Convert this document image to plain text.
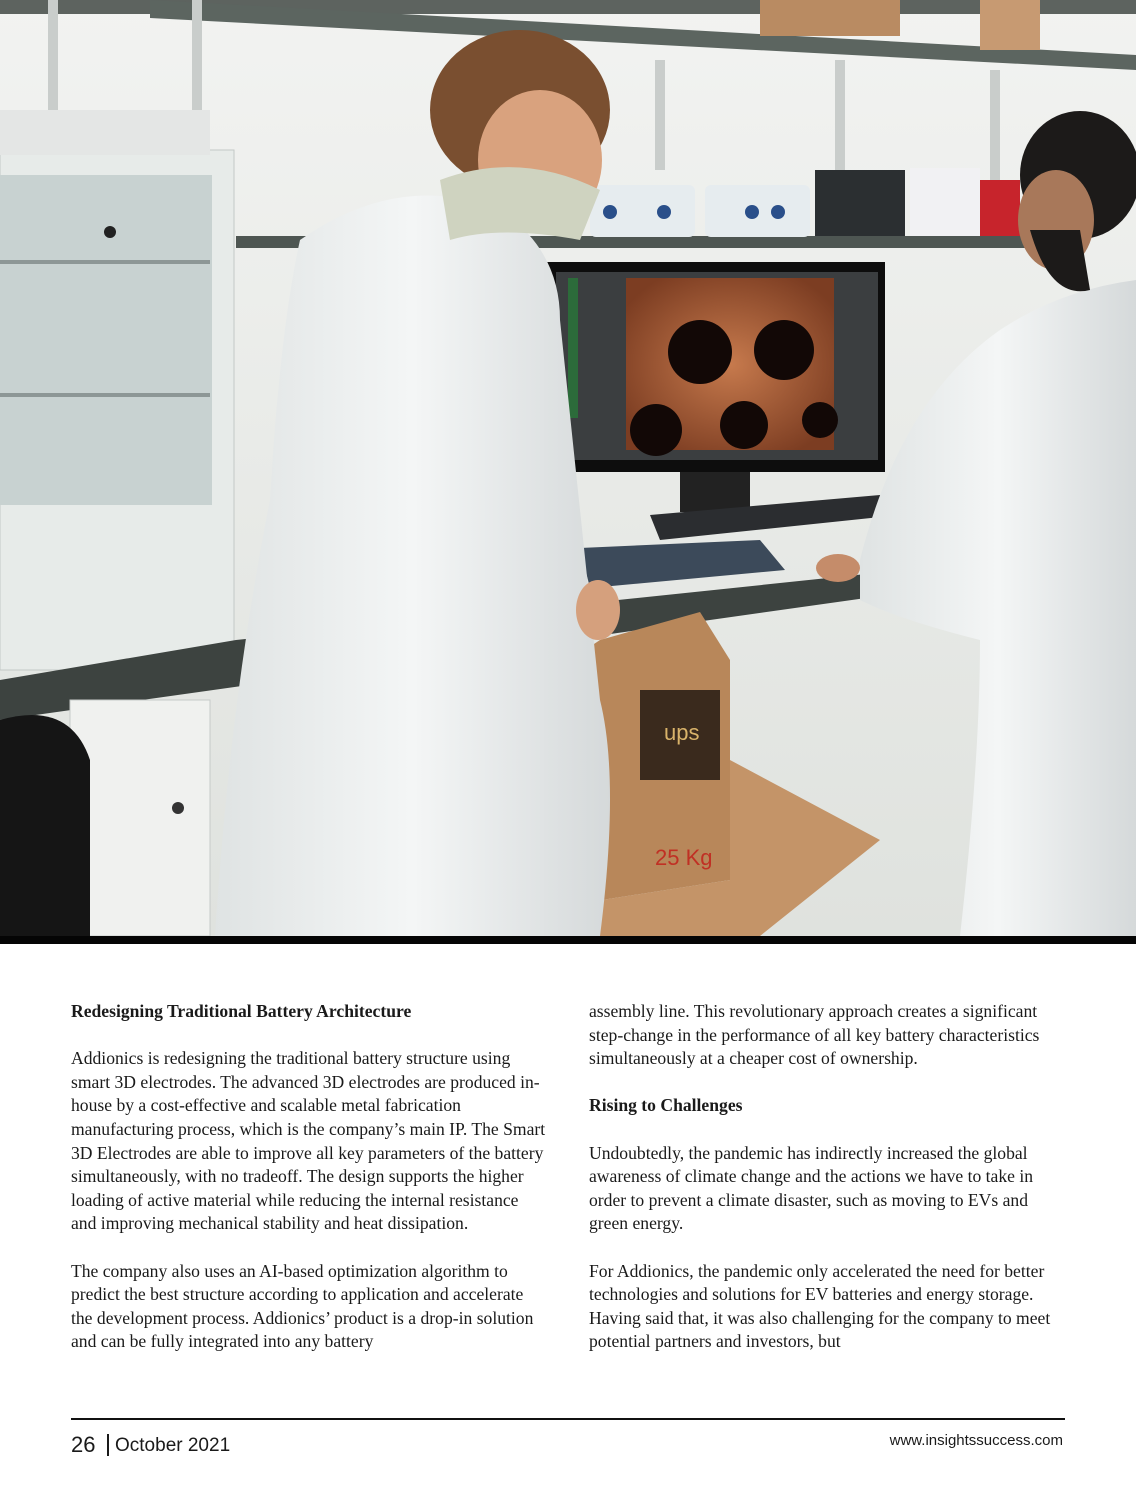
ups
25 Kg
Redesigning Traditional Battery Architecture

Addionics is redesigning the traditional battery structure using smart 3D electrodes. The advanced 3D electrodes are produced in-house by a cost-effective and scalable metal fabrication manufacturing process, which is the company’s main IP. The Smart 3D Electrodes are able to improve all key parameters of the battery simultaneously, with no tradeoff. The design supports the higher loading of active material while reducing the internal resistance and improving mechanical stability and heat dissipation.

The company also uses an AI-based optimization algorithm to predict the best structure according to application and accelerate the development process. Addionics’ product is a drop-in solution and can be fully integrated into any battery

assembly line. This revolutionary approach creates a significant step-change in the performance of all key battery characteristics simultaneously at a cheaper cost of ownership.

Rising to Challenges

Undoubtedly, the pandemic has indirectly increased the global awareness of climate change and the actions we have to take in order to prevent a climate disaster, such as moving to EVs and green energy.

For Addionics, the pandemic only accelerated the need for better technologies and solutions for EV batteries and energy storage. Having said that, it was also challenging for the company to meet potential partners and investors, but

26 October 2021	www.insightssuccess.com
